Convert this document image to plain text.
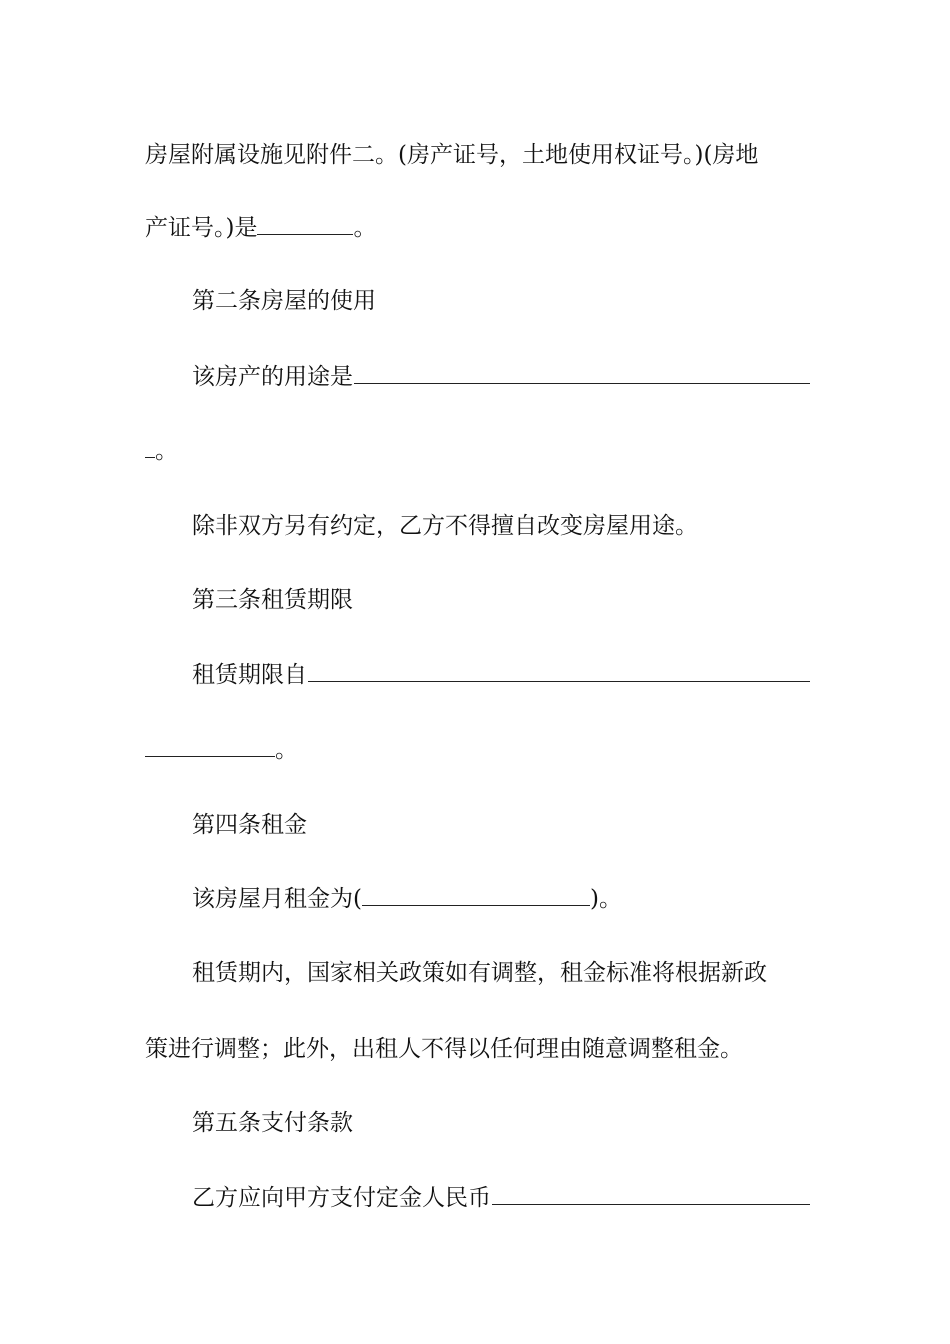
房屋附属设施见附件二。(房产证号，土地使用权证号。)(房地
产证号。)是	。
第二条房屋的使用
该房产的用途是
。
除非双方另有约定，乙方不得擅自改变房屋用途。
第三条租赁期限
租赁期限自
。
第四条租金
该房屋月租金为(	)。
租赁期内，国家相关政策如有调整，租金标准将根据新政
策进行调整；此外，出租人不得以任何理由随意调整租金。
第五条支付条款
乙方应向甲方支付定金人民币
